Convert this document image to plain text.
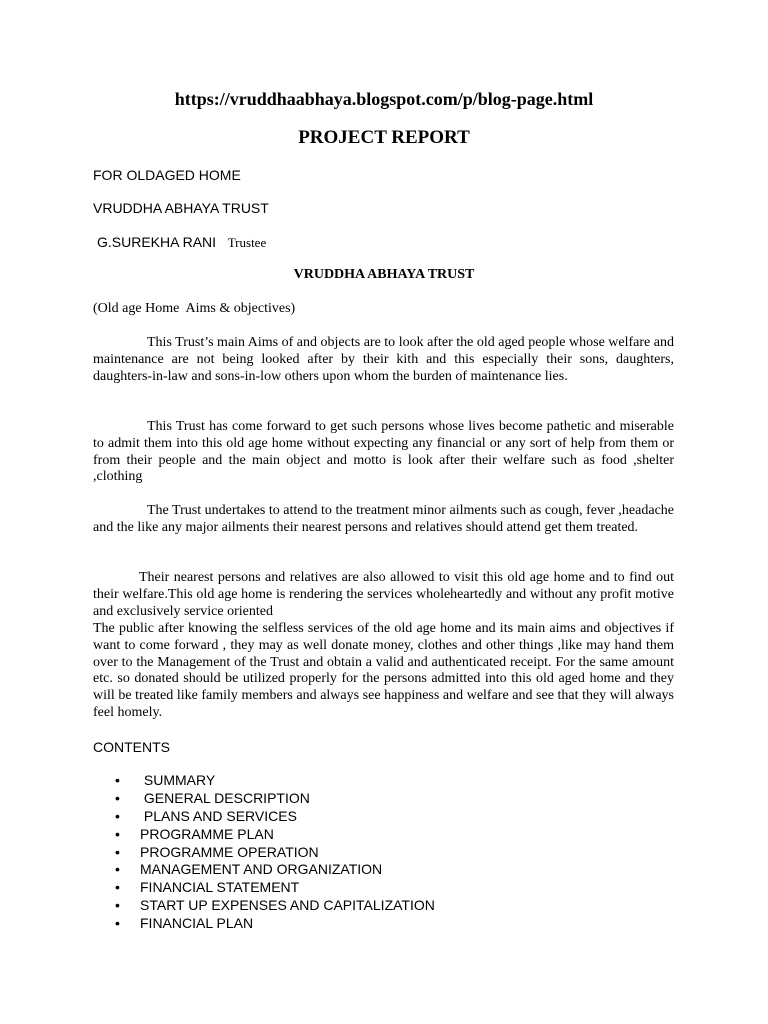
https://vruddhaabhaya.blogspot.com/p/blog-page.html
PROJECT REPORT
FOR OLDAGED HOME
VRUDDHA ABHAYA TRUST
G.SUREKHA RANI Trustee
VRUDDHA ABHAYA TRUST
(Old age Home  Aims & objectives)

This Trust’s main Aims of and objects are to look after the old aged people whose welfare and maintenance are not being looked after by their kith and this especially their sons, daughters, daughters-in-law and sons-in-low others upon whom the burden of maintenance lies.

This Trust has come forward to get such persons whose lives become pathetic and miserable to admit them into this old age home without expecting any financial or any sort of help from them or from their people and the main object and motto is look after their welfare such as food ,shelter ,clothing

The Trust undertakes to attend to the treatment minor ailments such as cough, fever ,headache and the like any major ailments their nearest persons and relatives should attend get them treated.

Their nearest persons and relatives are also allowed to visit this old age home and to find out their welfare.This old age home is rendering the services wholeheartedly and without any profit motive and exclusively service oriented

The public after knowing the selfless services of the old age home and its main aims and objectives if want to come forward , they may as well donate money, clothes and other things ,like may hand them over to the Management of the Trust and obtain a valid and authenticated receipt. For the same amount etc. so donated should be utilized properly for the persons admitted into this old aged home and they will be treated like family members and always see happiness and welfare and see that they will always feel homely.

CONTENTS
• SUMMARY
• GENERAL DESCRIPTION
• PLANS AND SERVICES
• PROGRAMME PLAN
• PROGRAMME OPERATION
• MANAGEMENT AND ORGANIZATION
• FINANCIAL STATEMENT
• START UP EXPENSES AND CAPITALIZATION
• FINANCIAL PLAN
